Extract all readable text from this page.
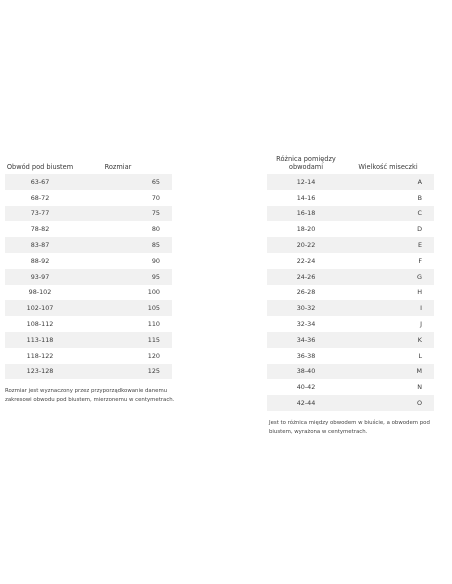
Obwód pod biustem	Rozmiar
63-67	65
68-72	70
73-77	75
78-82	80
83-87	85
88-92	90
93-97	95
98-102	100
102-107	105
108-112	110
113-118	115
118-122	120
123-128	125
Rozmiar jest wyznaczony przez przyporządkowanie danemu zakresowi obwodu pod biustem, mierzonemu w centymetrach.
Różnica pomiędzy obwodami	Wielkość miseczki
12-14	A
14-16	B
16-18	C
18-20	D
20-22	E
22-24	F
24-26	G
26-28	H
30-32	I
32-34	J
34-36	K
36-38	L
38-40	M
40-42	N
42-44	O
Jest to różnica między obwodem w biuście, a obwodem pod biustem, wyrażona w centymetrach.
